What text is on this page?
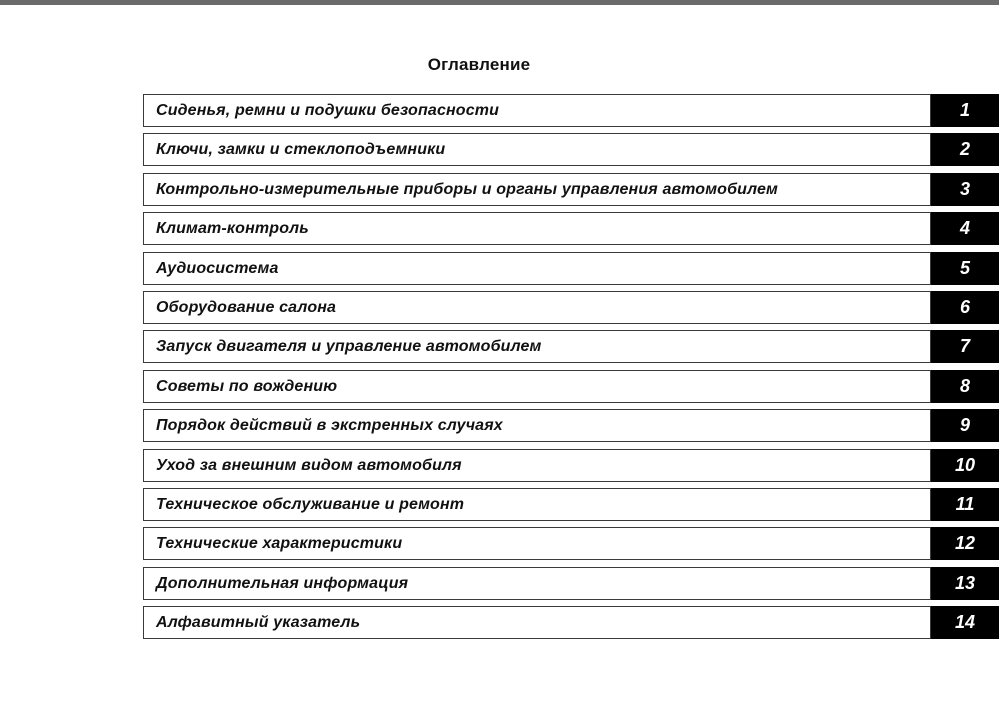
Оглавление
Сиденья, ремни и подушки безопасности	1
Ключи, замки и стеклоподъемники	2
Контрольно-измерительные приборы и органы управления автомобилем	3
Климат-контроль	4
Аудиосистема	5
Оборудование салона	6
Запуск двигателя и управление автомобилем	7
Советы по вождению	8
Порядок действий в экстренных случаях	9
Уход за внешним видом автомобиля	10
Техническое обслуживание и ремонт	11
Технические характеристики	12
Дополнительная информация	13
Алфавитный указатель	14
